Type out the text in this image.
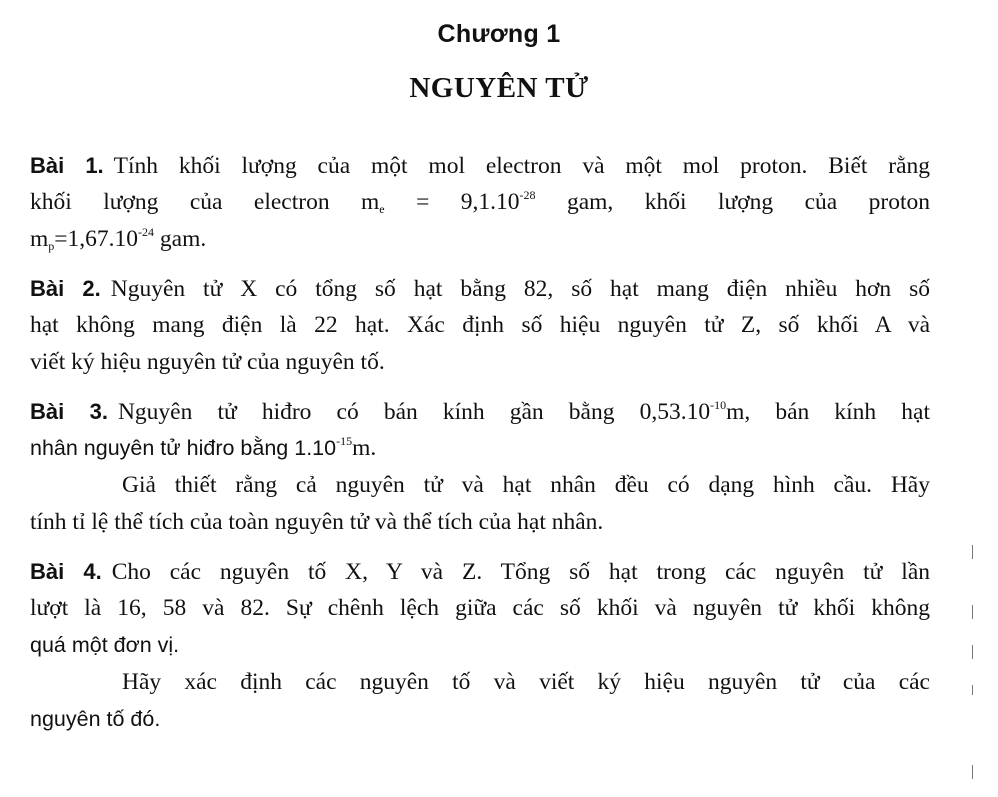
Chương 1
NGUYÊN TỬ
Bài 1. Tính khối lượng của một mol electron và một mol proton. Biết rằng
khối lượng của electron $m_e = 9,1.10^{-28}$ gam, khối lượng của proton
$m_p=1,67.10^{-24}$ gam.
Bài 2. Nguyên tử X có tổng số hạt bằng 82, số hạt mang điện nhiều hơn số
hạt không mang điện là 22 hạt. Xác định số hiệu nguyên tử Z, số khối A và
viết ký hiệu nguyên tử của nguyên tố.
Bài 3. Nguyên tử hiđro có bán kính gần bằng $0,53.10^{-10}m$, bán kính hạt
nhân nguyên tử hiđro bằng $1.10^{-15}m$.
Giả thiết rằng cả nguyên tử và hạt nhân đều có dạng hình cầu. Hãy
tính tỉ lệ thể tích của toàn nguyên tử và thể tích của hạt nhân.
Bài 4. Cho các nguyên tố X, Y và Z. Tổng số hạt trong các nguyên tử lần
lượt là 16, 58 và 82. Sự chênh lệch giữa các số khối và nguyên tử khối không
quá một đơn vị.
Hãy xác định các nguyên tố và viết ký hiệu nguyên tử của các
nguyên tố đó.
